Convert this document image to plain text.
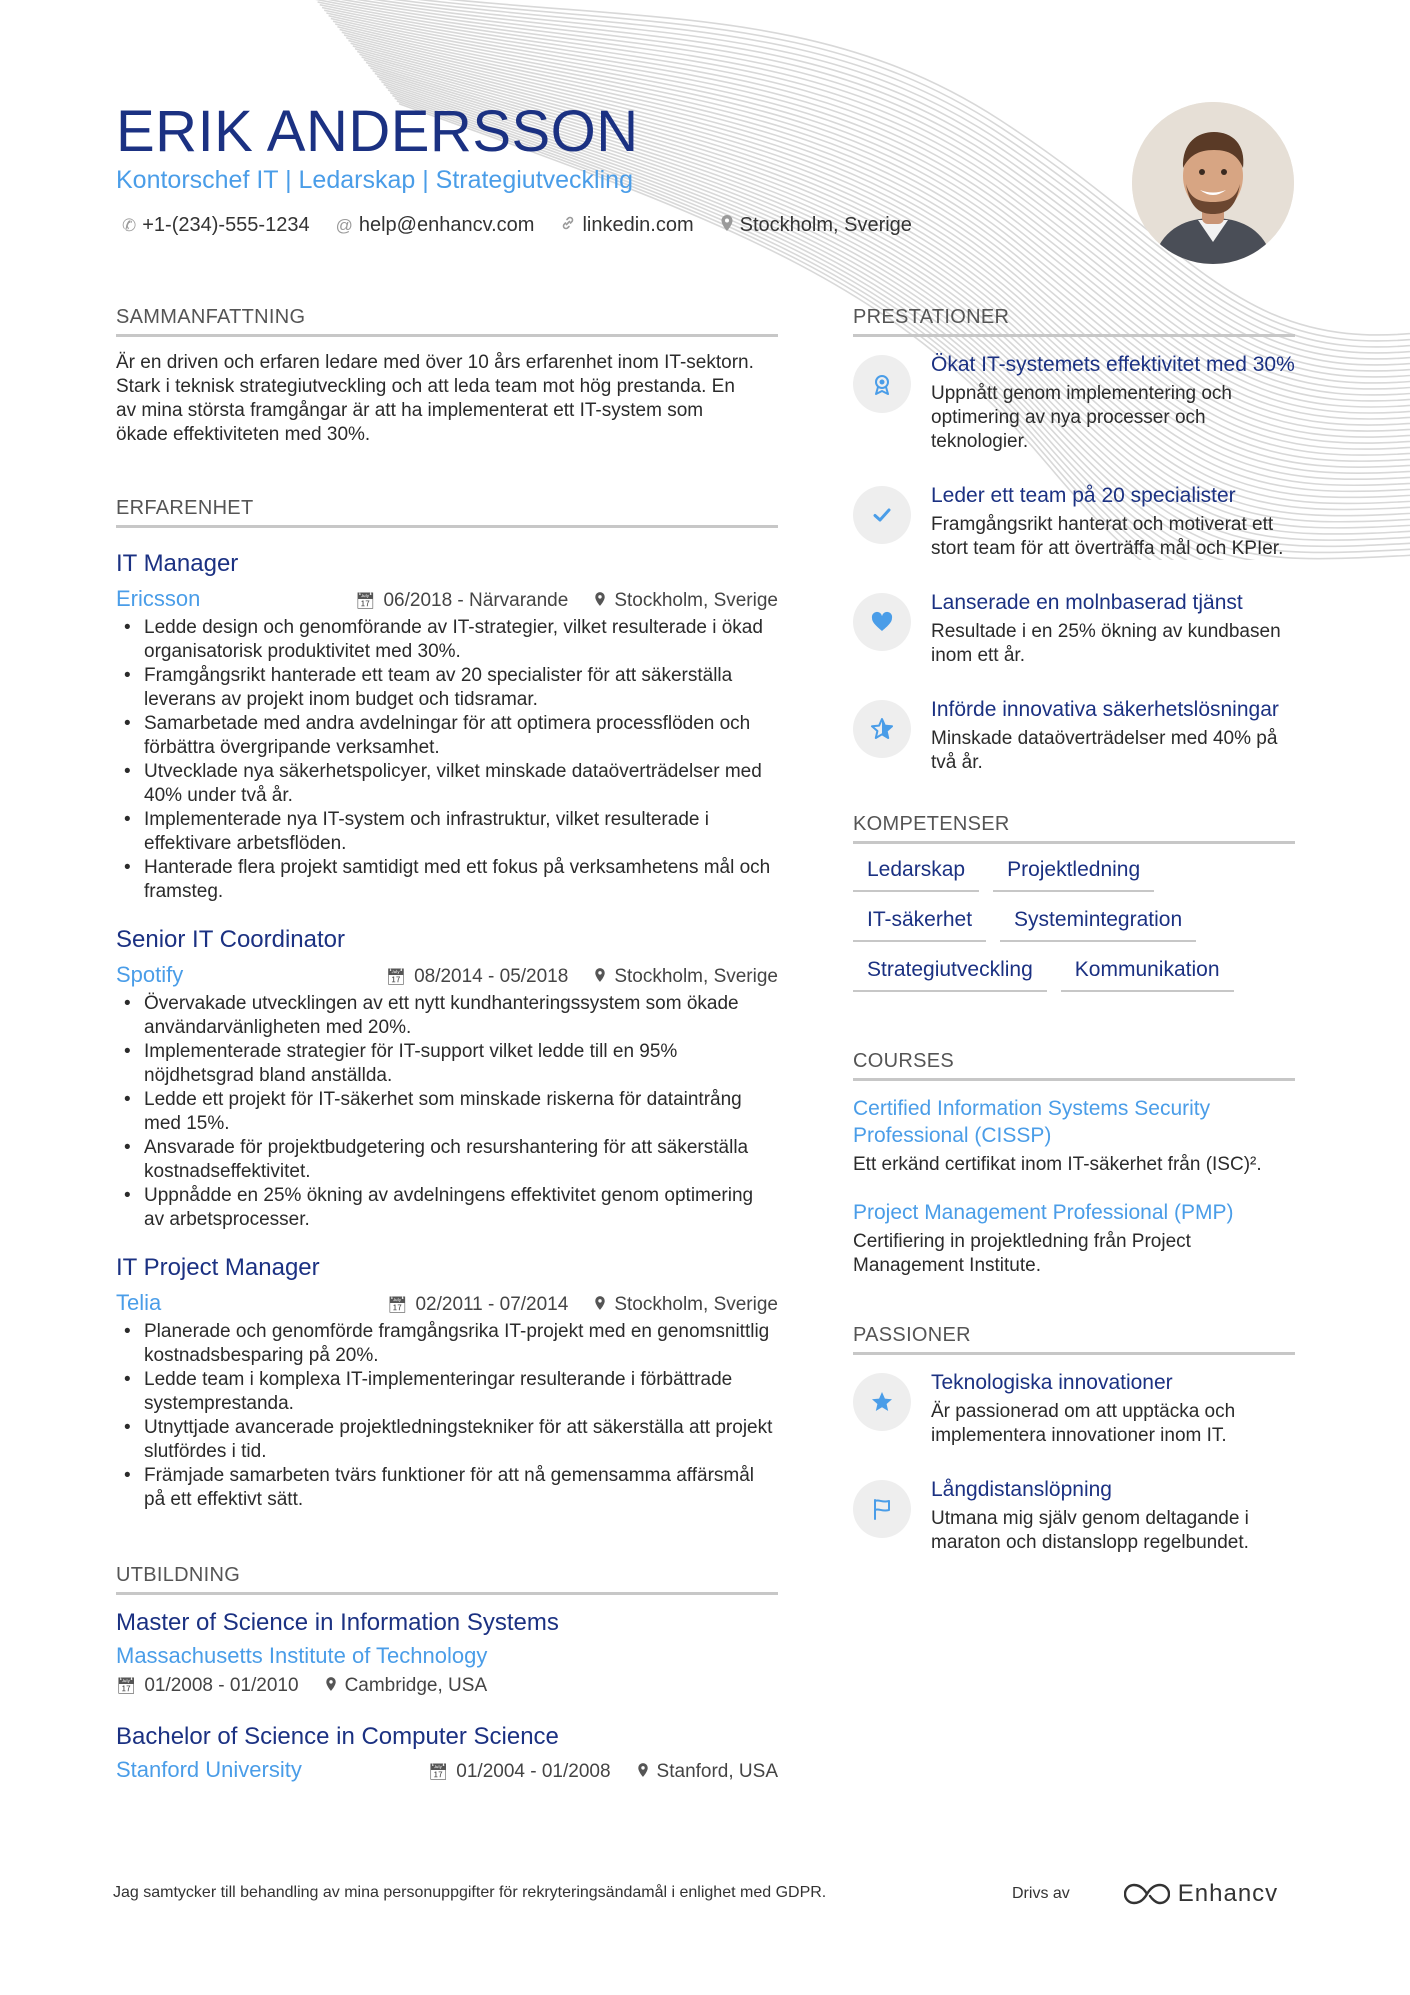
ERIK ANDERSSON
Kontorschef IT | Ledarskap | Strategiutveckling
✆ +1-(234)-555-1234 @ help@enhancv.com linkedin.com Stockholm, Sverige
SAMMANFATTNING

Är en driven och erfaren ledare med över 10 års erfarenhet inom IT-sektorn. Stark i teknisk strategiutveckling och att leda team mot hög prestanda. En av mina största framgångar är att ha implementerat ett IT-system som ökade effektiviteten med 30%.

ERFARENHET
IT Manager
Ericsson	📅︎ 06/2018 - Närvarande Stockholm, Sverige
• Ledde design och genomförande av IT-strategier, vilket resulterade i ökad organisatorisk produktivitet med 30%.
• Framgångsrikt hanterade ett team av 20 specialister för att säkerställa leverans av projekt inom budget och tidsramar.
• Samarbetade med andra avdelningar för att optimera processflöden och förbättra övergripande verksamhet.
• Utvecklade nya säkerhetspolicyer, vilket minskade dataöverträdelser med 40% under två år.
• Implementerade nya IT-system och infrastruktur, vilket resulterade i effektivare arbetsflöden.
• Hanterade flera projekt samtidigt med ett fokus på verksamhetens mål och framsteg.
Senior IT Coordinator
Spotify	📅︎ 08/2014 - 05/2018 Stockholm, Sverige
• Övervakade utvecklingen av ett nytt kundhanteringssystem som ökade användarvänligheten med 20%.
• Implementerade strategier för IT-support vilket ledde till en 95% nöjdhetsgrad bland anställda.
• Ledde ett projekt för IT-säkerhet som minskade riskerna för dataintrång med 15%.
• Ansvarade för projektbudgetering och resurshantering för att säkerställa kostnadseffektivitet.
• Uppnådde en 25% ökning av avdelningens effektivitet genom optimering av arbetsprocesser.
IT Project Manager
Telia	📅︎ 02/2011 - 07/2014 Stockholm, Sverige
• Planerade och genomförde framgångsrika IT-projekt med en genomsnittlig kostnadsbesparing på 20%.
• Ledde team i komplexa IT-implementeringar resulterande i förbättrade systemprestanda.
• Utnyttjade avancerade projektledningstekniker för att säkerställa att projekt slutfördes i tid.
• Främjade samarbeten tvärs funktioner för att nå gemensamma affärsmål på ett effektivt sätt.
UTBILDNING
Master of Science in Information Systems
Massachusetts Institute of Technology
📅︎ 01/2008 - 01/2010 Cambridge, USA
Bachelor of Science in Computer Science
Stanford University	📅︎ 01/2004 - 01/2008 Stanford, USA
PRESTATIONER
Ökat IT-systemets effektivitet med 30%
Uppnått genom implementering och optimering av nya processer och teknologier.
Leder ett team på 20 specialister
Framgångsrikt hanterat och motiverat ett stort team för att överträffa mål och KPIer.
Lanserade en molnbaserad tjänst
Resultade i en 25% ökning av kundbasen inom ett år.
Införde innovativa säkerhetslösningar
Minskade dataöverträdelser med 40% på två år.
KOMPETENSER
Ledarskap	Projektledning
IT-säkerhet	Systemintegration
Strategiutveckling	Kommunikation
COURSES
Certified Information Systems Security Professional (CISSP)
Ett erkänd certifikat inom IT-säkerhet från (ISC)².
Project Management Professional (PMP)
Certifiering in projektledning från Project Management Institute.
PASSIONER
Teknologiska innovationer
Är passionerad om att upptäcka och implementera innovationer inom IT.
Långdistanslöpning
Utmana mig själv genom deltagande i maraton och distanslopp regelbundet.
Jag samtycker till behandling av mina personuppgifter för rekryteringsändamål i enlighet med GDPR.	Drivs av	Enhancv
